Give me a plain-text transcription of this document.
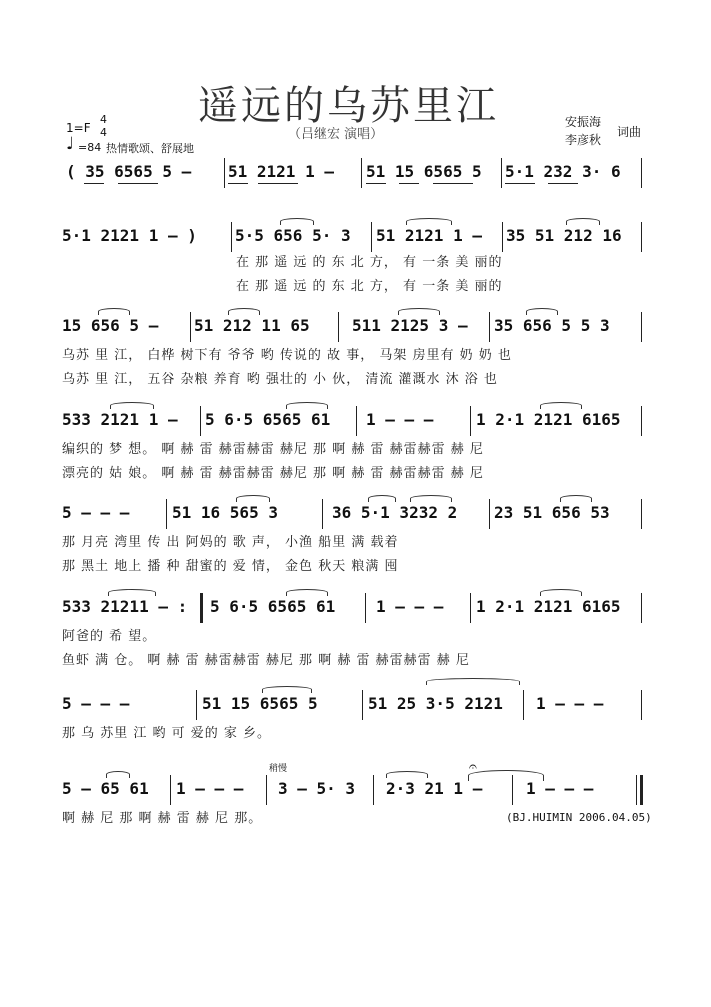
遥远的乌苏里江
（吕继宏 演唱）
1=F
4
4
♩ =84 热情歌颂、舒展地
安振海
李彦秋
词曲
( 35 6565 5 – 51 2121 1 – 51 15 6565 5 5·1 232 3· 6
5·1 2121 1 – ) 5·5 656 5· 3 51 2121 1 – 35 51 212 16
在 那 遥 远 的 东 北 方， 有 一条 美 丽的
在 那 遥 远 的 东 北 方， 有 一条 美 丽的
15 656 5 – 51 212 11 65	511 2125 3 – 35 656 5 5 3
乌苏 里 江， 白桦 树下有 爷爷 哟 传说的 故 事， 马架 房里有 奶 奶 也
乌苏 里 江， 五谷 杂粮 养育 哟 强壮的 小 伙， 清流 灌溉水 沐 浴 也
533 2121 1 – 5 6·5 6565 61 1 – – –	1 2·1 2121 6165
编织的 梦 想。 啊 赫 雷 赫雷赫雷 赫尼 那 啊 赫 雷 赫雷赫雷 赫 尼
漂亮的 姑 娘。 啊 赫 雷 赫雷赫雷 赫尼 那 啊 赫 雷 赫雷赫雷 赫 尼
5 – – –	51 16 565 3	36 5·1 3232 2 23 51 656 53
那 月亮 湾里 传 出 阿妈的 歌 声， 小渔 船里 满 载着
那 黑土 地上 播 种 甜蜜的 爱 情， 金色 秋天 粮满 囤
533 21211 – : 5 6·5 6565 61	1 – – – 1 2·1 2121 6165
阿爸的 希 望。
鱼虾 满 仓。 啊 赫 雷 赫雷赫雷 赫尼 那 啊 赫 雷 赫雷赫雷 赫 尼
5 – – –	51 15 6565 5	51 25 3·5 2121 1 – – –
那 乌 苏里 江 哟 可 爱的 家 乡。
稍慢
5 – 65 61 1 – – – 3 – 5· 3 2·3 21 1 –	1 – – –
𝄐
啊 赫 尼 那 啊 赫 雷 赫 尼 那。	(BJ.HUIMIN 2006.04.05)
